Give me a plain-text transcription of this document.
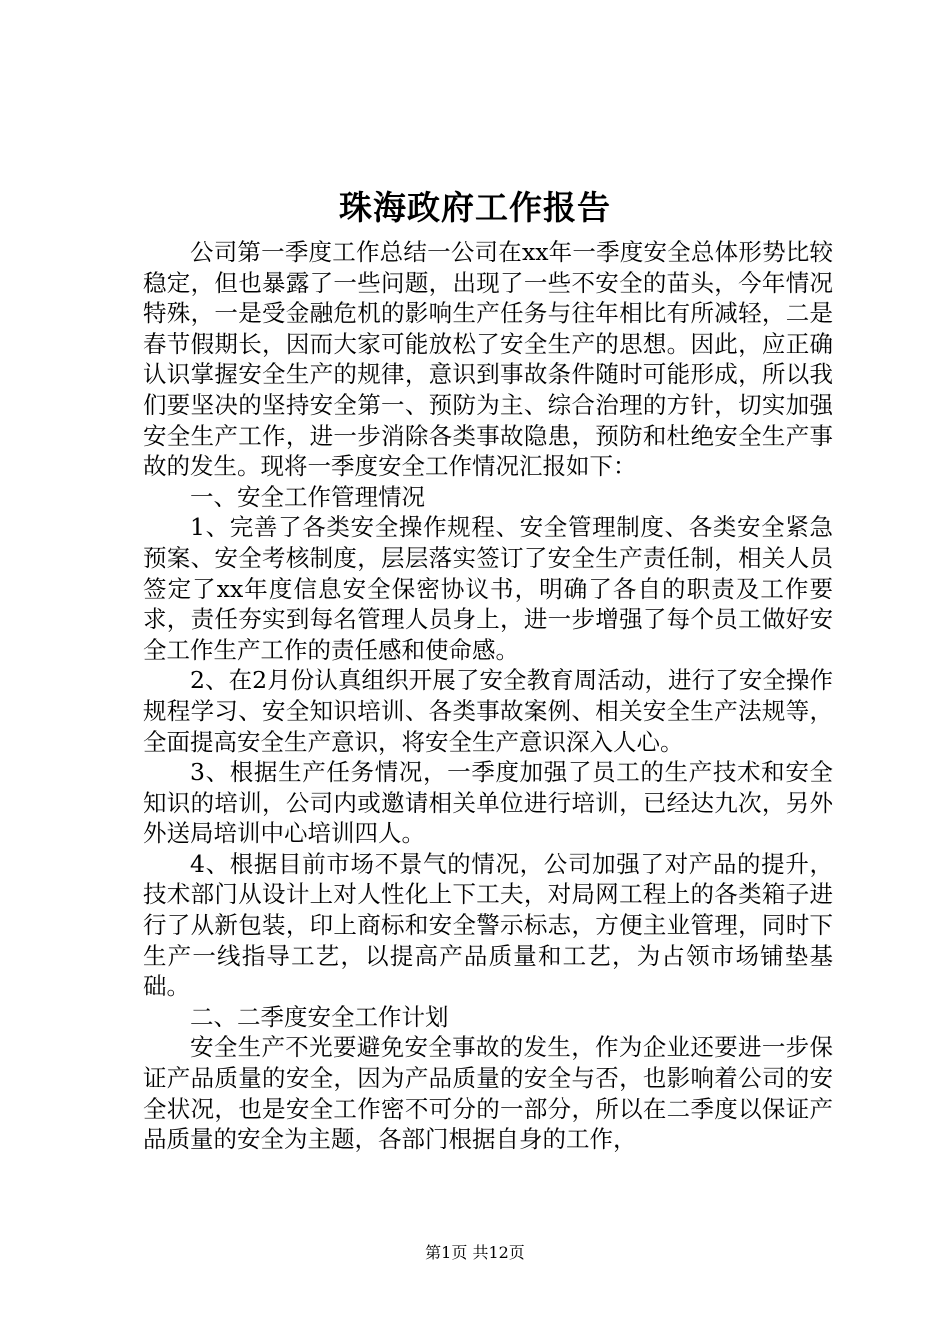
珠海政府工作报告

公司第一季度工作总结一公司在xx年一季度安全总体形势比较稳定，但也暴露了一些问题，出现了一些不安全的苗头，今年情况特殊，一是受金融危机的影响生产任务与往年相比有所减轻，二是春节假期长，因而大家可能放松了安全生产的思想。因此，应正确认识掌握安全生产的规律，意识到事故条件随时可能形成，所以我们要坚决的坚持安全第一、预防为主、综合治理的方针，切实加强安全生产工作，进一步消除各类事故隐患，预防和杜绝安全生产事故的发生。现将一季度安全工作情况汇报如下：

一、安全工作管理情况

1、完善了各类安全操作规程、安全管理制度、各类安全紧急预案、安全考核制度，层层落实签订了安全生产责任制，相关人员签定了xx年度信息安全保密协议书，明确了各自的职责及工作要求，责任夯实到每名管理人员身上，进一步增强了每个员工做好安全工作生产工作的责任感和使命感。

2、在2月份认真组织开展了安全教育周活动，进行了安全操作规程学习、安全知识培训、各类事故案例、相关安全生产法规等，全面提高安全生产意识，将安全生产意识深入人心。

3、根据生产任务情况，一季度加强了员工的生产技术和安全知识的培训，公司内或邀请相关单位进行培训，已经达九次，另外外送局培训中心培训四人。

4、根据目前市场不景气的情况，公司加强了对产品的提升，技术部门从设计上对人性化上下工夫，对局网工程上的各类箱子进行了从新包装，印上商标和安全警示标志，方便主业管理，同时下生产一线指导工艺，以提高产品质量和工艺，为占领市场铺垫基础。

二、二季度安全工作计划

安全生产不光要避免安全事故的发生，作为企业还要进一步保证产品质量的安全，因为产品质量的安全与否，也影响着公司的安全状况，也是安全工作密不可分的一部分，所以在二季度以保证产品质量的安全为主题，各部门根据自身的工作，

第1页 共12页
